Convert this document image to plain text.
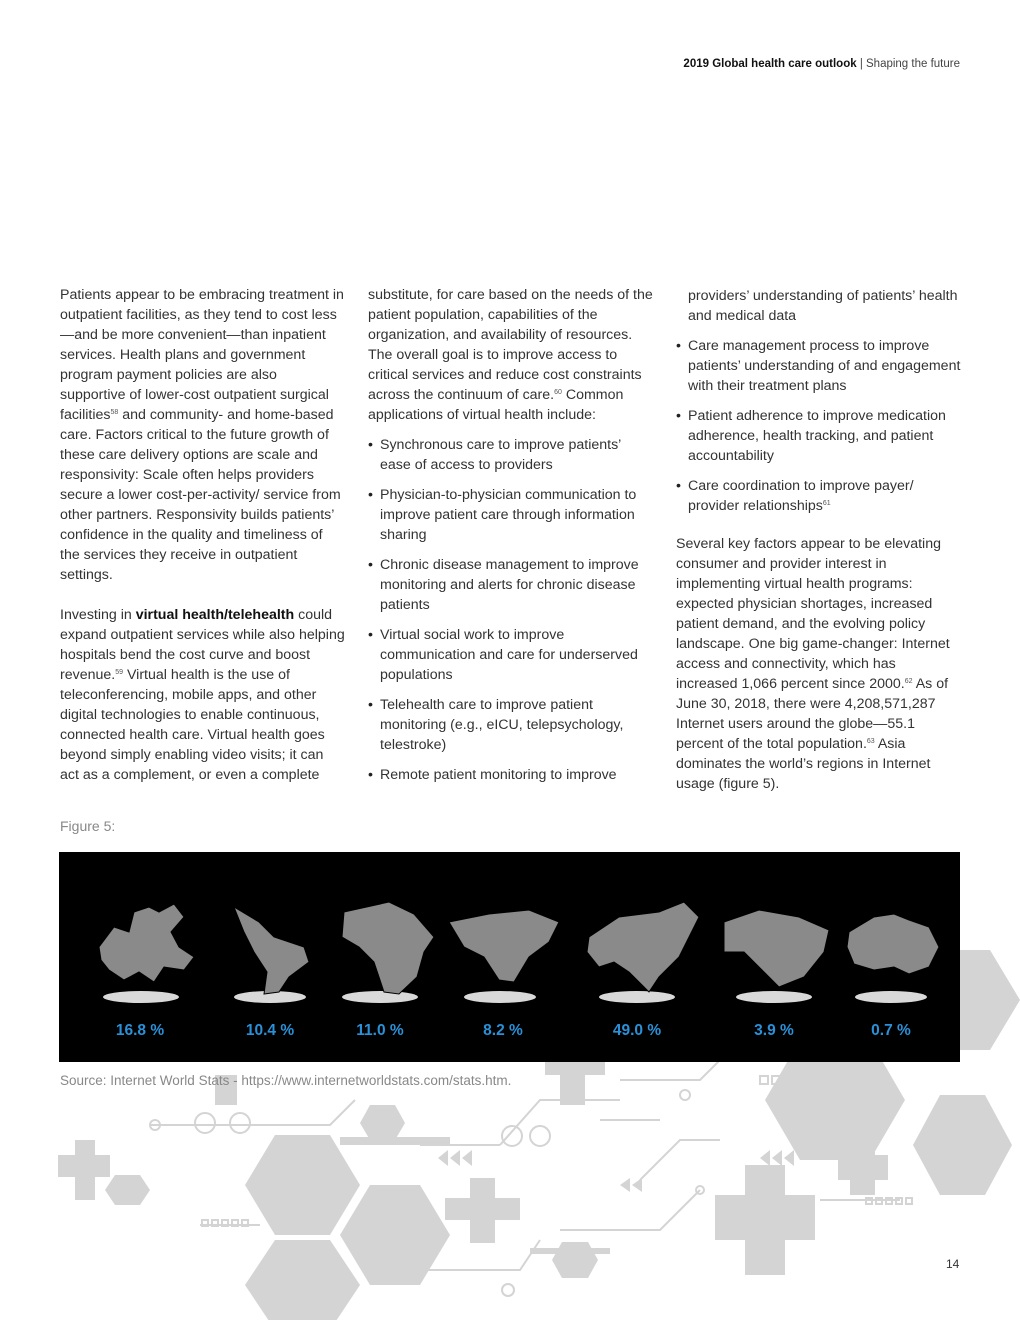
2019 Global health care outlook | Shaping the future

Patients appear to be embracing treatment in outpatient facilities, as they tend to cost less—and be more convenient—than inpatient services. Health plans and government program payment policies are also supportive of lower-cost outpatient surgical facilities$^{58}$ and community- and home-based care. Factors critical to the future growth of these care delivery options are scale and responsivity: Scale often helps providers secure a lower cost-per-activity/ service from other partners. Responsivity builds patients’ confidence in the quality and timeliness of the services they receive in outpatient settings.

Investing in virtual health/telehealth could expand outpatient services while also helping hospitals bend the cost curve and boost revenue.$^{59}$ Virtual health is the use of teleconferencing, mobile apps, and other digital technologies to enable continuous, connected health care. Virtual health goes beyond simply enabling video visits; it can act as a complement, or even a complete

substitute, for care based on the needs of the patient population, capabilities of the organization, and availability of resources. The overall goal is to improve access to critical services and reduce cost constraints across the continuum of care.$^{60}$ Common applications of virtual health include:

• Synchronous care to improve patients’ ease of access to providers
• Physician-to-physician communication to improve patient care through information sharing
• Chronic disease management to improve monitoring and alerts for chronic disease patients
• Virtual social work to improve communication and care for underserved populations
• Telehealth care to improve patient monitoring (e.g., eICU, telepsychology, telestroke)
• Remote patient monitoring to improve
providers’ understanding of patients’ health and medical data
• Care management process to improve patients’ understanding of and engagement with their treatment plans
• Patient adherence to improve medication adherence, health tracking, and patient accountability
• Care coordination to improve payer/ provider relationships$^{61}$

Several key factors appear to be elevating consumer and provider interest in implementing virtual health programs: expected physician shortages, increased patient demand, and the evolving policy landscape. One big game-changer: Internet access and connectivity, which has increased 1,066 percent since 2000.62 As of June 30, 2018, there were 4,208,571,287 Internet users around the globe—55.1 percent of the total population.$^{63}$ Asia dominates the world’s regions in Internet usage (figure 5).

Figure 5:
16.8 %	10.4 %	11.0 %	8.2 %	49.0 %	3.9 %	0.7 %
Source: Internet World Stats - https://www.internetworldstats.com/stats.htm.
14
